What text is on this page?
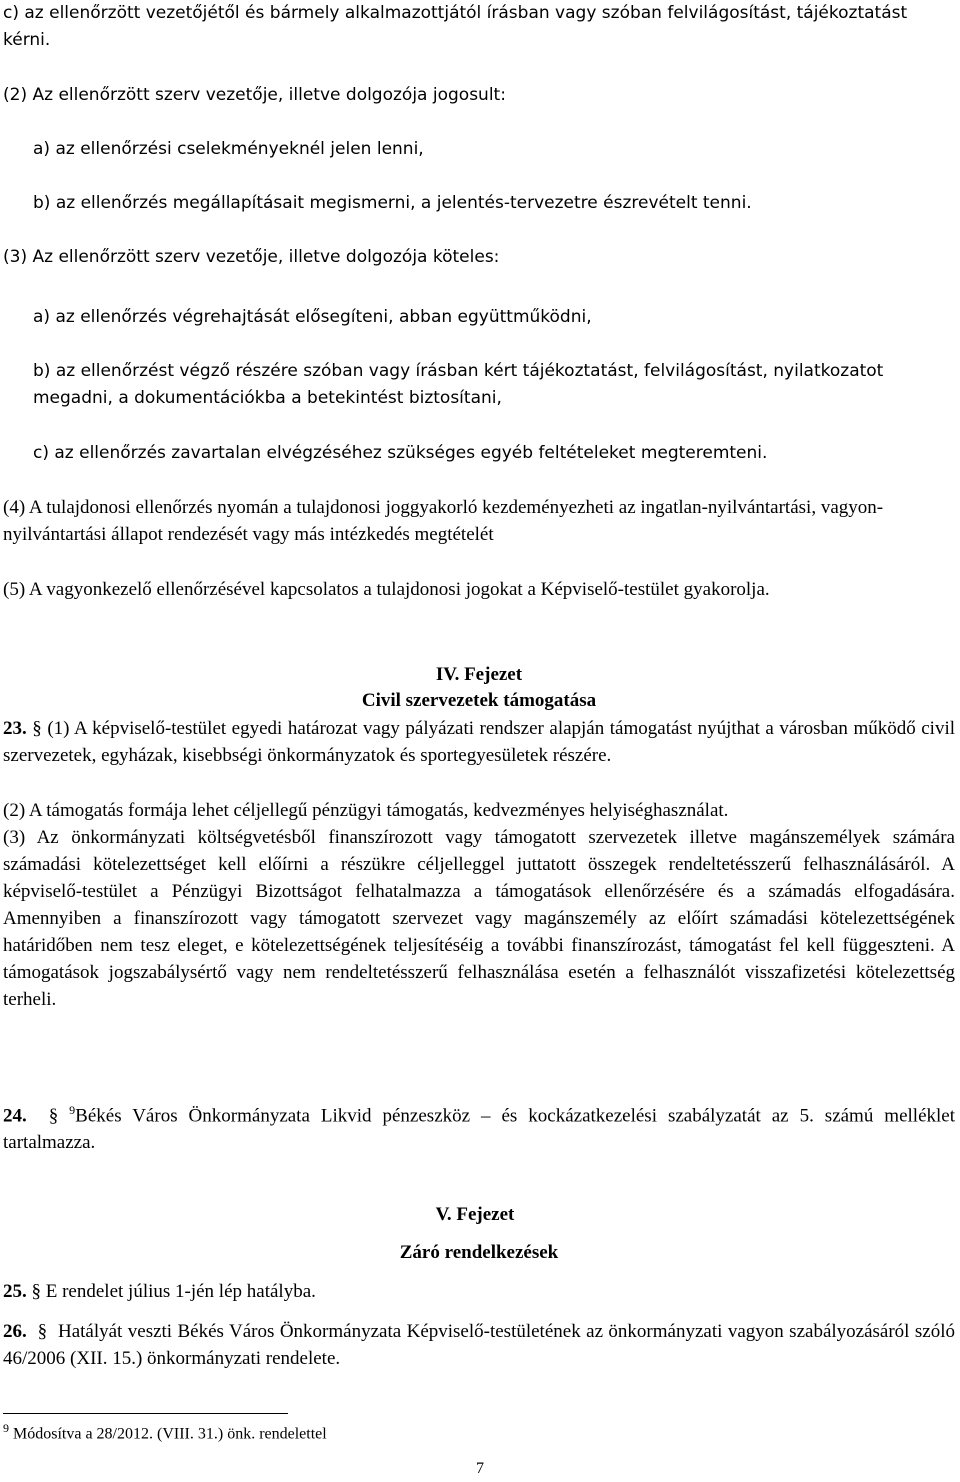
c) az ellenőrzött vezetőjétől és bármely alkalmazottjától írásban vagy szóban felvilágosítást, tájékoztatást kérni.

(2) Az ellenőrzött szerv vezetője, illetve dolgozója jogosult:

a) az ellenőrzési cselekményeknél jelen lenni,

b) az ellenőrzés megállapításait megismerni, a jelentés-tervezetre észrevételt tenni.

(3) Az ellenőrzött szerv vezetője, illetve dolgozója köteles:

a) az ellenőrzés végrehajtását elősegíteni, abban együttműködni,

b) az ellenőrzést végző részére szóban vagy írásban kért tájékoztatást, felvilágosítást, nyilatkozatot megadni, a dokumentációkba a betekintést biztosítani,

c) az ellenőrzés zavartalan elvégzéséhez szükséges egyéb feltételeket megteremteni.

(4) A tulajdonosi ellenőrzés nyomán a tulajdonosi joggyakorló kezdeményezheti az ingatlan-nyilvántartási, vagyon-nyilvántartási állapot rendezését vagy más intézkedés megtételét

(5) A vagyonkezelő ellenőrzésével kapcsolatos a tulajdonosi jogokat a Képviselő-testület gyakorolja.

IV. Fejezet

Civil szervezetek támogatása

23. § (1) A képviselő-testület egyedi határozat vagy pályázati rendszer alapján támogatást nyújthat a városban működő civil szervezetek, egyházak, kisebbségi önkormányzatok és sportegyesületek részére.

(2) A támogatás formája lehet céljellegű pénzügyi támogatás, kedvezményes helyiséghasználat.

(3) Az önkormányzati költségvetésből finanszírozott vagy támogatott szervezetek illetve magánszemélyek számára számadási kötelezettséget kell előírni a részükre céljelleggel juttatott összegek rendeltetésszerű felhasználásáról. A képviselő-testület a Pénzügyi Bizottságot felhatalmazza a támogatások ellenőrzésére és a számadás elfogadására. Amennyiben a finanszírozott vagy támogatott szervezet vagy magánszemély az előírt számadási kötelezettségének határidőben nem tesz eleget, e kötelezettségének teljesítéséig a további finanszírozást, támogatást fel kell függeszteni. A támogatások jogszabálysértő vagy nem rendeltetésszerű felhasználása esetén a felhasználót visszafizetési kötelezettség terheli.

24. § $^9$Békés Város Önkormányzata Likvid pénzeszköz – és kockázatkezelési szabályzatát az 5. számú melléklet tartalmazza.

V. Fejezet

Záró rendelkezések

25. § E rendelet július 1-jén lép hatályba.

26. § Hatályát veszti Békés Város Önkormányzata Képviselő-testületének az önkormányzati vagyon szabályozásáról szóló 46/2006 (XII. 15.) önkormányzati rendelete.

$^9$ Módosítva a 28/2012. (VIII. 31.) önk. rendelettel
7
